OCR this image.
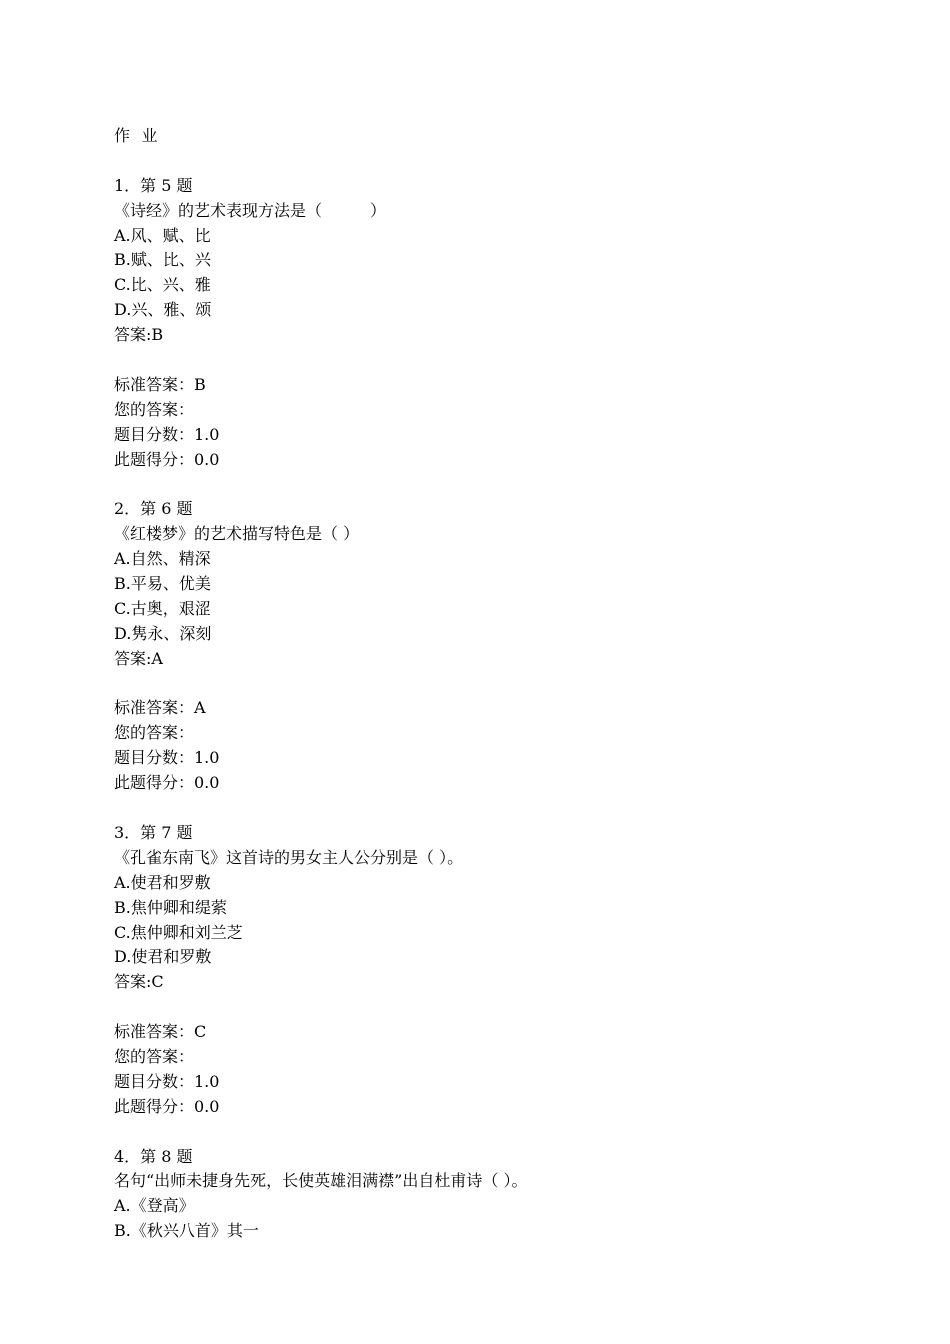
作 业
1．第 5 题
《诗经》的艺术表现方法是（　　　）
A.风、赋、比
B.赋、比、兴
C.比、兴、雅
D.兴、雅、颂
答案:B
标准答案：B
您的答案：
题目分数：1.0
此题得分：0.0
2．第 6 题
《红楼梦》的艺术描写特色是（ ）
A.自然、精深
B.平易、优美
C.古奥，艰涩
D.隽永、深刻
答案:A
标准答案：A
您的答案：
题目分数：1.0
此题得分：0.0
3．第 7 题
《孔雀东南飞》这首诗的男女主人公分别是（ ）。
A.使君和罗敷
B.焦仲卿和缇萦
C.焦仲卿和刘兰芝
D.使君和罗敷
答案:C
标准答案：C
您的答案：
题目分数：1.0
此题得分：0.0
4．第 8 题
名句“出师未捷身先死，长使英雄泪满襟”出自杜甫诗（ ）。
A.《登高》
B.《秋兴八首》其一
